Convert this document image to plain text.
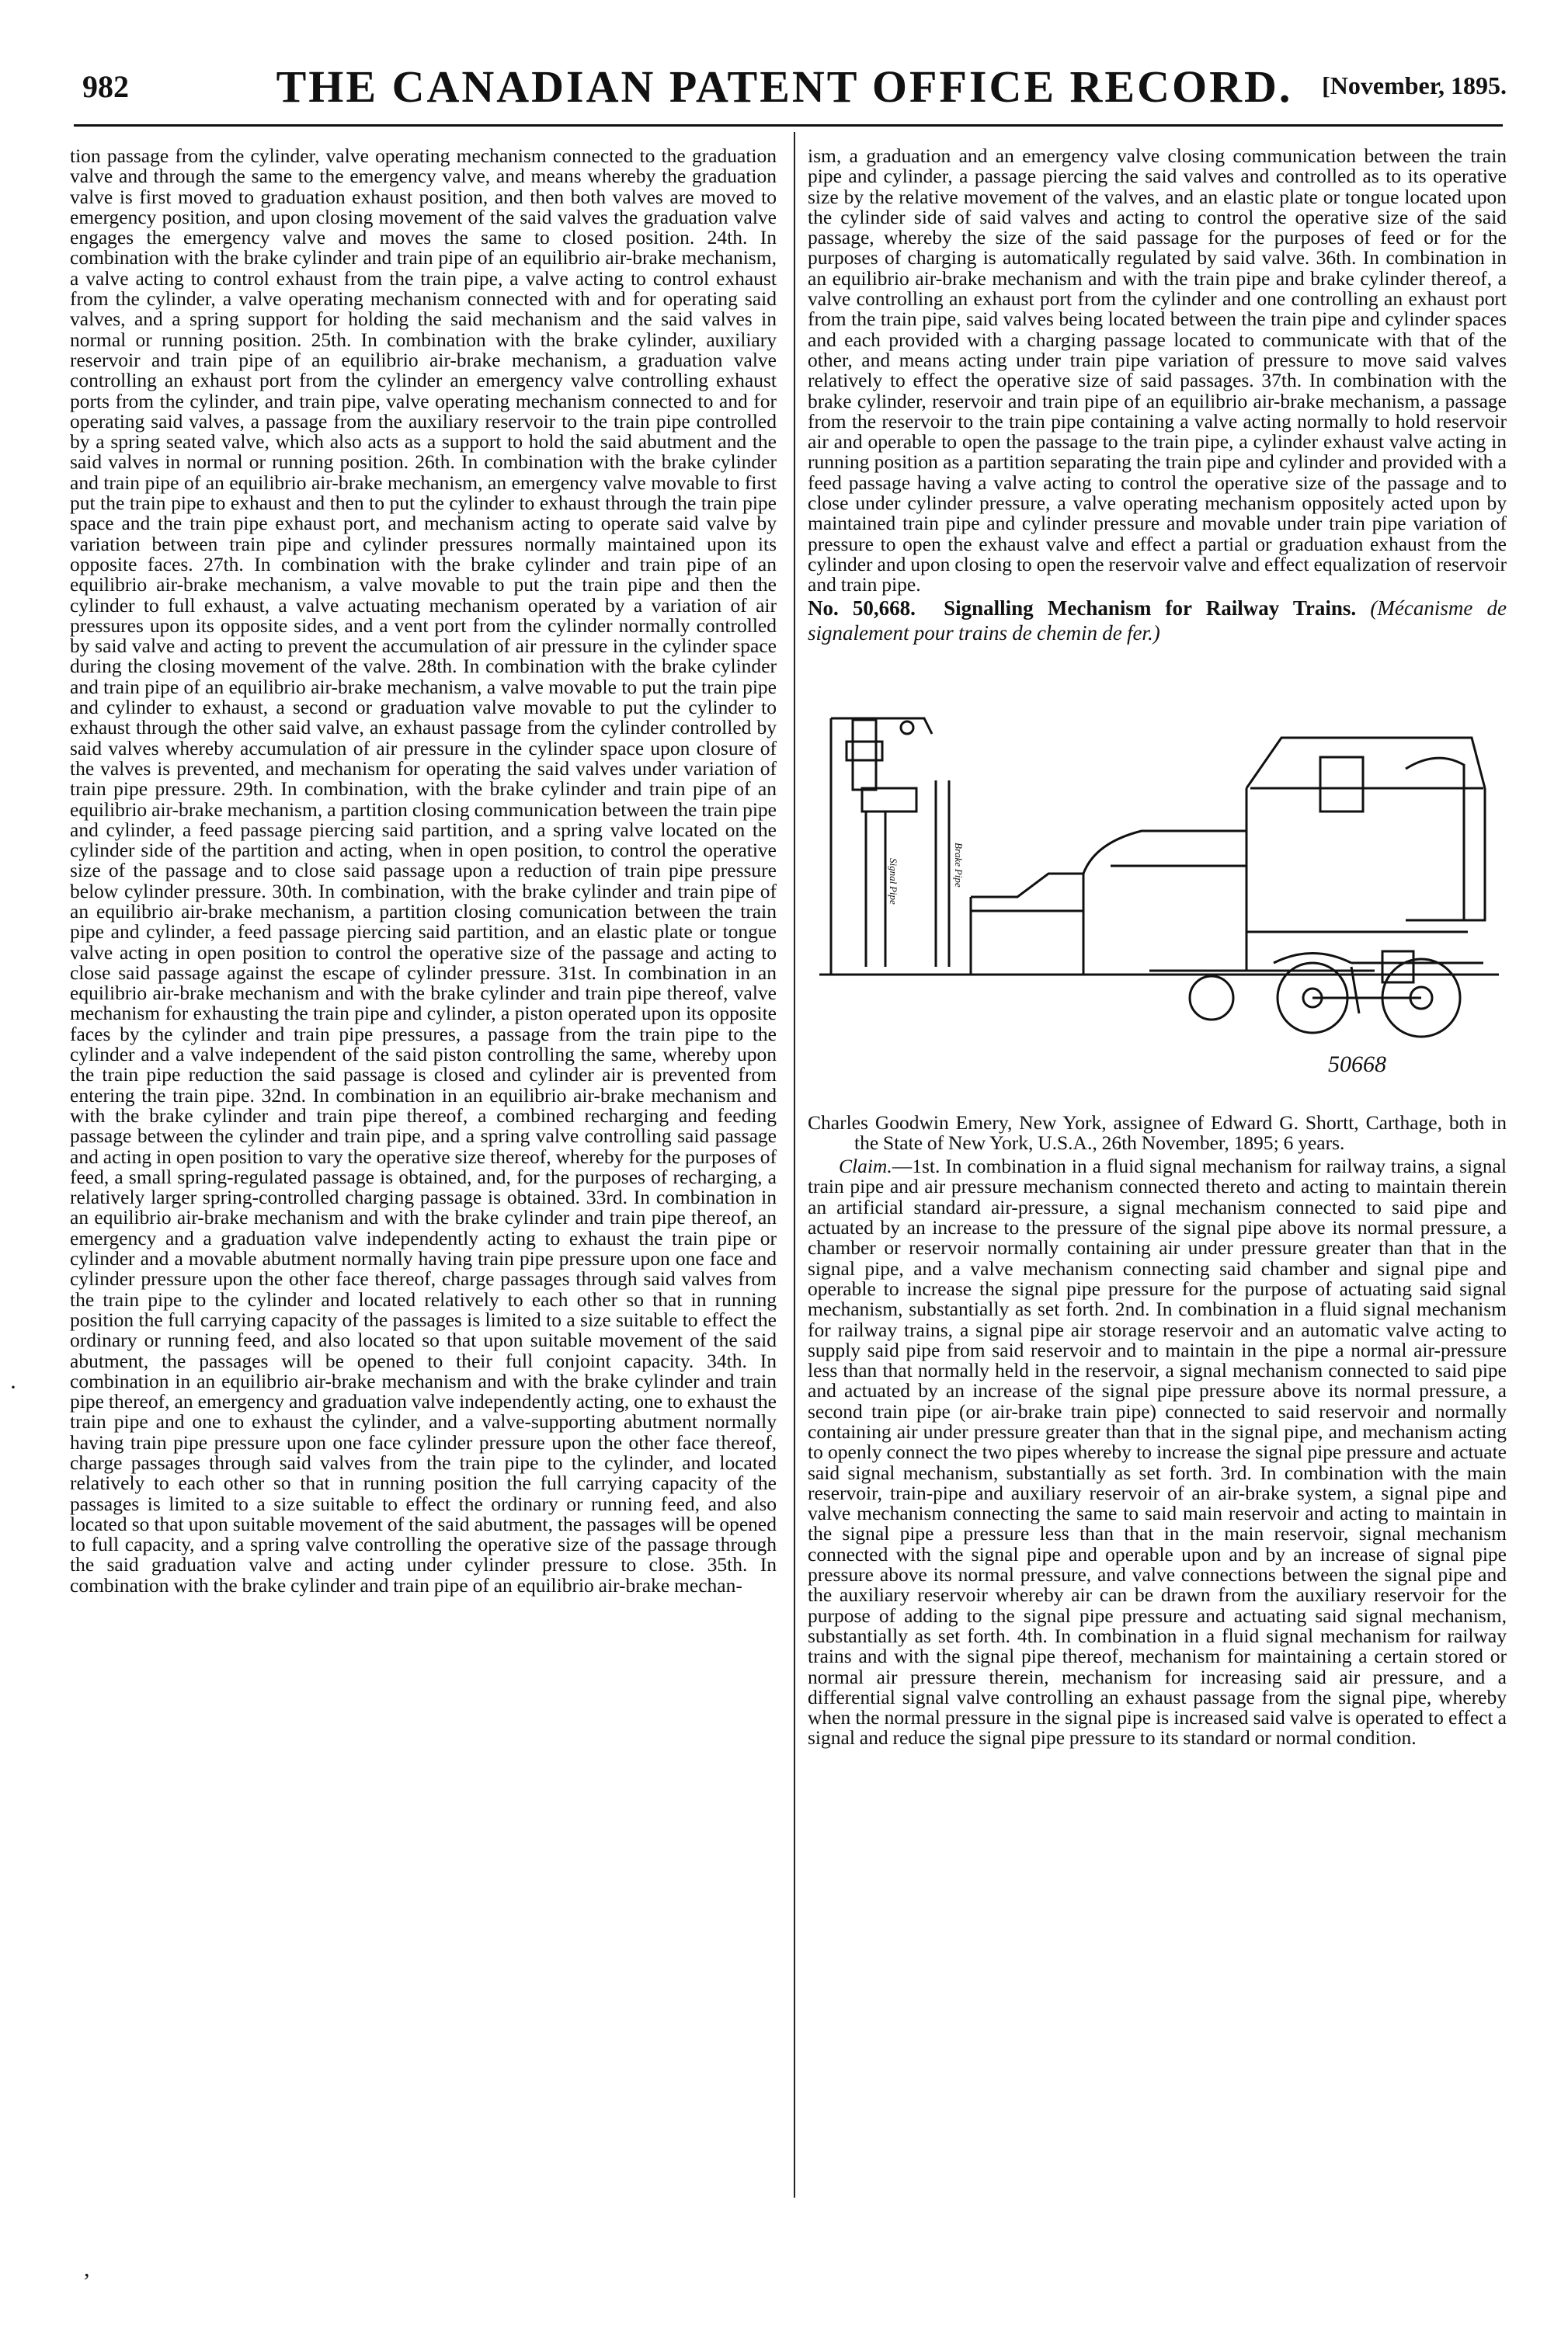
982	THE CANADIAN PATENT OFFICE RECORD.	[November, 1895.
·
,

tion passage from the cylinder, valve operating mechanism connected to the graduation valve and through the same to the emergency valve, and means whereby the graduation valve is first moved to graduation exhaust position, and then both valves are moved to emergency position, and upon closing movement of the said valves the graduation valve engages the emergency valve and moves the same to closed position. 24th. In combination with the brake cylinder and train pipe of an equilibrio air-brake mechanism, a valve acting to control exhaust from the train pipe, a valve acting to control exhaust from the cylinder, a valve operating mechanism connected with and for operating said valves, and a spring support for holding the said mechanism and the said valves in normal or running position. 25th. In combination with the brake cylinder, auxiliary reservoir and train pipe of an equilibrio air-brake mechanism, a graduation valve controlling an exhaust port from the cylinder an emergency valve controlling exhaust ports from the cylinder, and train pipe, valve operating mechanism connected to and for operating said valves, a passage from the auxiliary reservoir to the train pipe controlled by a spring seated valve, which also acts as a support to hold the said abutment and the said valves in normal or running position. 26th. In combination with the brake cylinder and train pipe of an equilibrio air-brake mechanism, an emergency valve movable to first put the train pipe to exhaust and then to put the cylinder to exhaust through the train pipe space and the train pipe exhaust port, and mechanism acting to operate said valve by variation between train pipe and cylinder pressures normally maintained upon its opposite faces. 27th. In combination with the brake cylinder and train pipe of an equilibrio air-brake mechanism, a valve movable to put the train pipe and then the cylinder to full exhaust, a valve actuating mechanism operated by a variation of air pressures upon its opposite sides, and a vent port from the cylinder normally controlled by said valve and acting to prevent the accumulation of air pressure in the cylinder space during the closing movement of the valve. 28th. In combination with the brake cylinder and train pipe of an equilibrio air-brake mechanism, a valve movable to put the train pipe and cylinder to exhaust, a second or graduation valve movable to put the cylinder to exhaust through the other said valve, an exhaust passage from the cylinder controlled by said valves whereby accumulation of air pressure in the cylinder space upon closure of the valves is prevented, and mechanism for operating the said valves under variation of train pipe pressure. 29th. In combination, with the brake cylinder and train pipe of an equilibrio air-brake mechanism, a partition closing communication between the train pipe and cylinder, a feed passage piercing said partition, and a spring valve located on the cylinder side of the partition and acting, when in open position, to control the operative size of the passage and to close said passage upon a reduction of train pipe pressure below cylinder pressure. 30th. In combination, with the brake cylinder and train pipe of an equilibrio air-brake mechanism, a partition closing comunication between the train pipe and cylinder, a feed passage piercing said partition, and an elastic plate or tongue valve acting in open position to control the operative size of the passage and acting to close said passage against the escape of cylinder pressure. 31st. In combination in an equilibrio air-brake mechanism and with the brake cylinder and train pipe thereof, valve mechanism for exhausting the train pipe and cylinder, a piston operated upon its opposite faces by the cylinder and train pipe pressures, a passage from the train pipe to the cylinder and a valve independent of the said piston controlling the same, whereby upon the train pipe reduction the said passage is closed and cylinder air is prevented from entering the train pipe. 32nd. In combination in an equilibrio air-brake mechanism and with the brake cylinder and train pipe thereof, a combined recharging and feeding passage between the cylinder and train pipe, and a spring valve controlling said passage and acting in open position to vary the operative size thereof, whereby for the purposes of feed, a small spring-regulated passage is obtained, and, for the purposes of recharging, a relatively larger spring-controlled charging passage is obtained. 33rd. In combination in an equilibrio air-brake mechanism and with the brake cylinder and train pipe thereof, an emergency and a graduation valve independently acting to exhaust the train pipe or cylinder and a movable abutment normally having train pipe pressure upon one face and cylinder pressure upon the other face thereof, charge passages through said valves from the train pipe to the cylinder and located relatively to each other so that in running position the full carrying capacity of the passages is limited to a size suitable to effect the ordinary or running feed, and also located so that upon suitable movement of the said abutment, the passages will be opened to their full conjoint capacity. 34th. In combination in an equilibrio air-brake mechanism and with the brake cylinder and train pipe thereof, an emergency and graduation valve independently acting, one to exhaust the train pipe and one to exhaust the cylinder, and a valve-supporting abutment normally having train pipe pressure upon one face cylinder pressure upon the other face thereof, charge passages through said valves from the train pipe to the cylinder, and located relatively to each other so that in running position the full carrying capacity of the passages is limited to a size suitable to effect the ordinary or running feed, and also located so that upon suitable movement of the said abutment, the passages will be opened to full capacity, and a spring valve controlling the operative size of the passage through the said graduation valve and acting under cylinder pressure to close. 35th. In combination with the brake cylinder and train pipe of an equilibrio air-brake mechan-

ism, a graduation and an emergency valve closing communication between the train pipe and cylinder, a passage piercing the said valves and controlled as to its operative size by the relative movement of the valves, and an elastic plate or tongue located upon the cylinder side of said valves and acting to control the operative size of the said passage, whereby the size of the said passage for the purposes of feed or for the purposes of charging is automatically regulated by said valve. 36th. In combination in an equilibrio air-brake mechanism and with the train pipe and brake cylinder thereof, a valve controlling an exhaust port from the cylinder and one controlling an exhaust port from the train pipe, said valves being located between the train pipe and cylinder spaces and each provided with a charging passage located to communicate with that of the other, and means acting under train pipe variation of pressure to move said valves relatively to effect the operative size of said passages. 37th. In combination with the brake cylinder, reservoir and train pipe of an equilibrio air-brake mechanism, a passage from the reservoir to the train pipe containing a valve acting normally to hold reservoir air and operable to open the passage to the train pipe, a cylinder exhaust valve acting in running position as a partition separating the train pipe and cylinder and provided with a feed passage having a valve acting to control the operative size of the passage and to close under cylinder pressure, a valve operating mechanism oppositely acted upon by maintained train pipe and cylinder pressure and movable under train pipe variation of pressure to open the exhaust valve and effect a partial or graduation exhaust from the cylinder and upon closing to open the reservoir valve and effect equalization of reservoir and train pipe.

No. 50,668. Signalling Mechanism for Railway Trains. (Mécanisme de signalement pour trains de chemin de fer.)

Signal Pipe	Brake Pipe
50668

Charles Goodwin Emery, New York, assignee of Edward G. Shortt, Carthage, both in the State of New York, U.S.A., 26th November, 1895; 6 years.

Claim.—1st. In combination in a fluid signal mechanism for railway trains, a signal train pipe and air pressure mechanism connected thereto and acting to maintain therein an artificial standard air-pressure, a signal mechanism connected to said pipe and actuated by an increase to the pressure of the signal pipe above its normal pressure, a chamber or reservoir normally containing air under pressure greater than that in the signal pipe, and a valve mechanism connecting said chamber and signal pipe and operable to increase the signal pipe pressure for the purpose of actuating said signal mechanism, substantially as set forth. 2nd. In combination in a fluid signal mechanism for railway trains, a signal pipe air storage reservoir and an automatic valve acting to supply said pipe from said reservoir and to maintain in the pipe a normal air-pressure less than that normally held in the reservoir, a signal mechanism connected to said pipe and actuated by an increase of the signal pipe pressure above its normal pressure, a second train pipe (or air-brake train pipe) connected to said reservoir and normally containing air under pressure greater than that in the signal pipe, and mechanism acting to openly connect the two pipes whereby to increase the signal pipe pressure and actuate said signal mechanism, substantially as set forth. 3rd. In combination with the main reservoir, train-pipe and auxiliary reservoir of an air-brake system, a signal pipe and valve mechanism connecting the same to said main reservoir and acting to maintain in the signal pipe a pressure less than that in the main reservoir, signal mechanism connected with the signal pipe and operable upon and by an increase of signal pipe pressure above its normal pressure, and valve connections between the signal pipe and the auxiliary reservoir whereby air can be drawn from the auxiliary reservoir for the purpose of adding to the signal pipe pressure and actuating said signal mechanism, substantially as set forth. 4th. In combination in a fluid signal mechanism for railway trains and with the signal pipe thereof, mechanism for maintaining a certain stored or normal air pressure therein, mechanism for increasing said air pressure, and a differential signal valve controlling an exhaust passage from the signal pipe, whereby when the normal pressure in the signal pipe is increased said valve is operated to effect a signal and reduce the signal pipe pressure to its standard or normal condition.
